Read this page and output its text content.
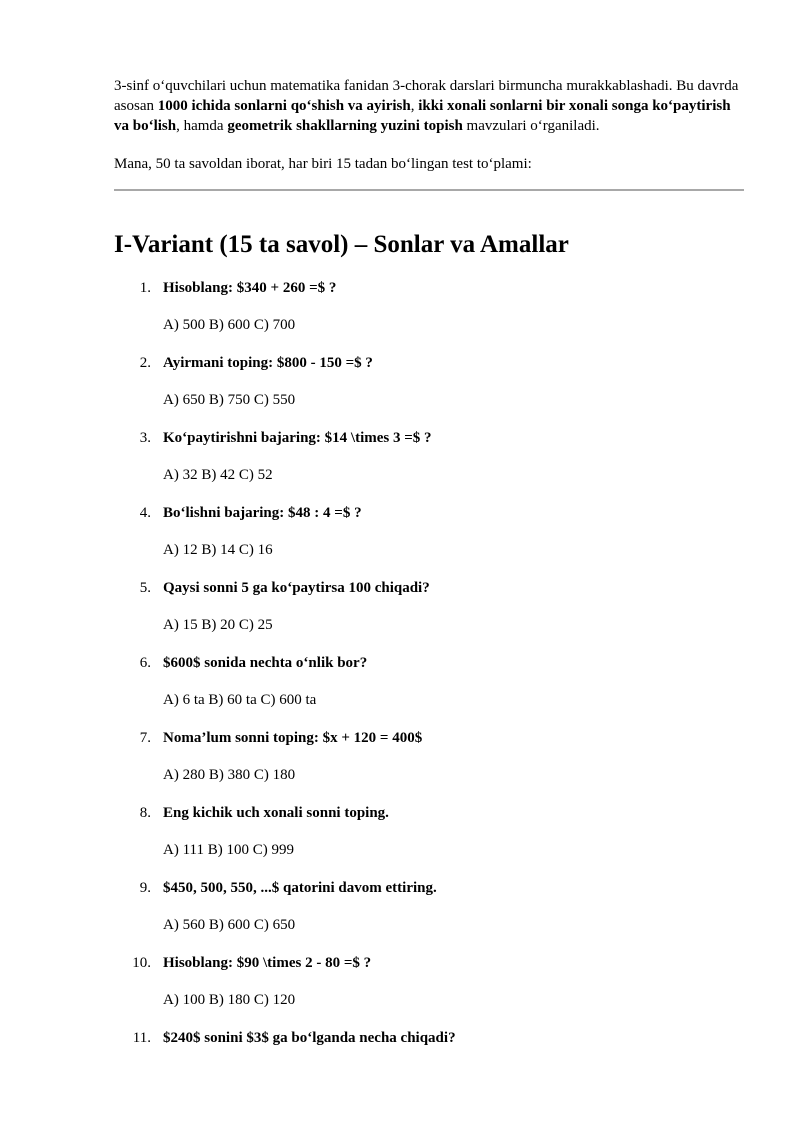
3-sinf o‘quvchilari uchun matematika fanidan 3-chorak darslari birmuncha murakkablashadi. Bu davrda asosan 1000 ichida sonlarni qo‘shish va ayirish, ikki xonali sonlarni bir xonali songa ko‘paytirish va bo‘lish, hamda geometrik shakllarning yuzini topish mavzulari o‘rganiladi.

Mana, 50 ta savoldan iborat, har biri 15 tadan bo‘lingan test to‘plami:

I-Variant (15 ta savol) – Sonlar va Amallar
1. Hisoblang: $340 + 260 =$ ?
A) 500 B) 600 C) 700
2. Ayirmani toping: $800 - 150 =$ ?
A) 650 B) 750 C) 550
3. Ko‘paytirishni bajaring: $14 \times 3 =$ ?
A) 32 B) 42 C) 52
4. Bo‘lishni bajaring: $48 : 4 =$ ?
A) 12 B) 14 C) 16
5. Qaysi sonni 5 ga ko‘paytirsa 100 chiqadi?
A) 15 B) 20 C) 25
6. $600$ sonida nechta o‘nlik bor?
A) 6 ta B) 60 ta C) 600 ta
7. Noma’lum sonni toping: $x + 120 = 400$
A) 280 B) 380 C) 180
8. Eng kichik uch xonali sonni toping.
A) 111 B) 100 C) 999
9. $450, 500, 550, ...$ qatorini davom ettiring.
A) 560 B) 600 C) 650
10. Hisoblang: $90 \times 2 - 80 =$ ?
A) 100 B) 180 C) 120
11. $240$ sonini $3$ ga bo‘lganda necha chiqadi?
